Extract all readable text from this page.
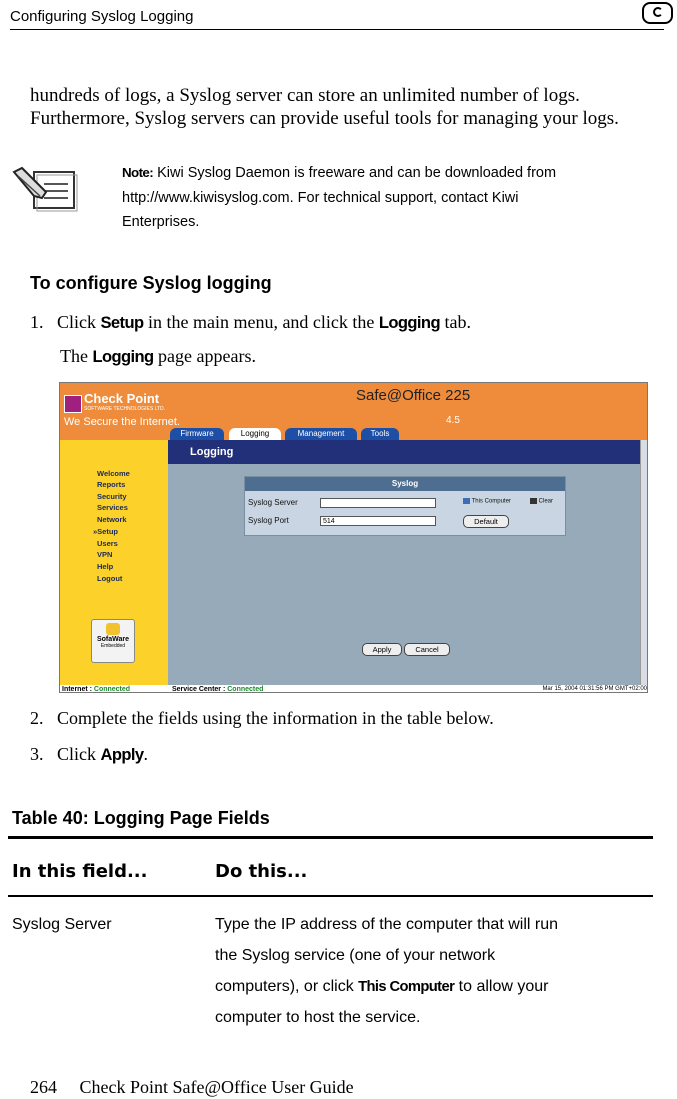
Configuring Syslog Logging
hundreds of logs, a Syslog server can store an unlimited number of logs.
Furthermore, Syslog servers can provide useful tools for managing your logs.
Note: Kiwi Syslog Daemon is freeware and can be downloaded from
http://www.kiwisyslog.com. For technical support, contact Kiwi
Enterprises.
To configure Syslog logging
1. Click Setup in the main menu, and click the Logging tab.
The Logging page appears.
Check Point
SOFTWARE TECHNOLOGIES LTD.
We Secure the Internet.
Safe@Office 225
4.5
Firmware	Logging	Management	Tools
Welcome
Reports
Security
Services
Network
»Setup
Users
VPN
Help
Logout
SofaWare
Embedded
Logging
Syslog
Syslog Server
Syslog Port	514
This Computer	Clear
Default
Apply	Cancel
Internet : Connected	Service Center : Connected	Mar 15, 2004 01:31:56 PM GMT+02:00
2. Complete the fields using the information in the table below.
3. Click Apply.
Table 40: Logging Page Fields
In this field...	Do this...
Syslog Server	Type the IP address of the computer that will run
the Syslog service (one of your network
computers), or click This Computer to allow your
computer to host the service.
264 Check Point Safe@Office User Guide
